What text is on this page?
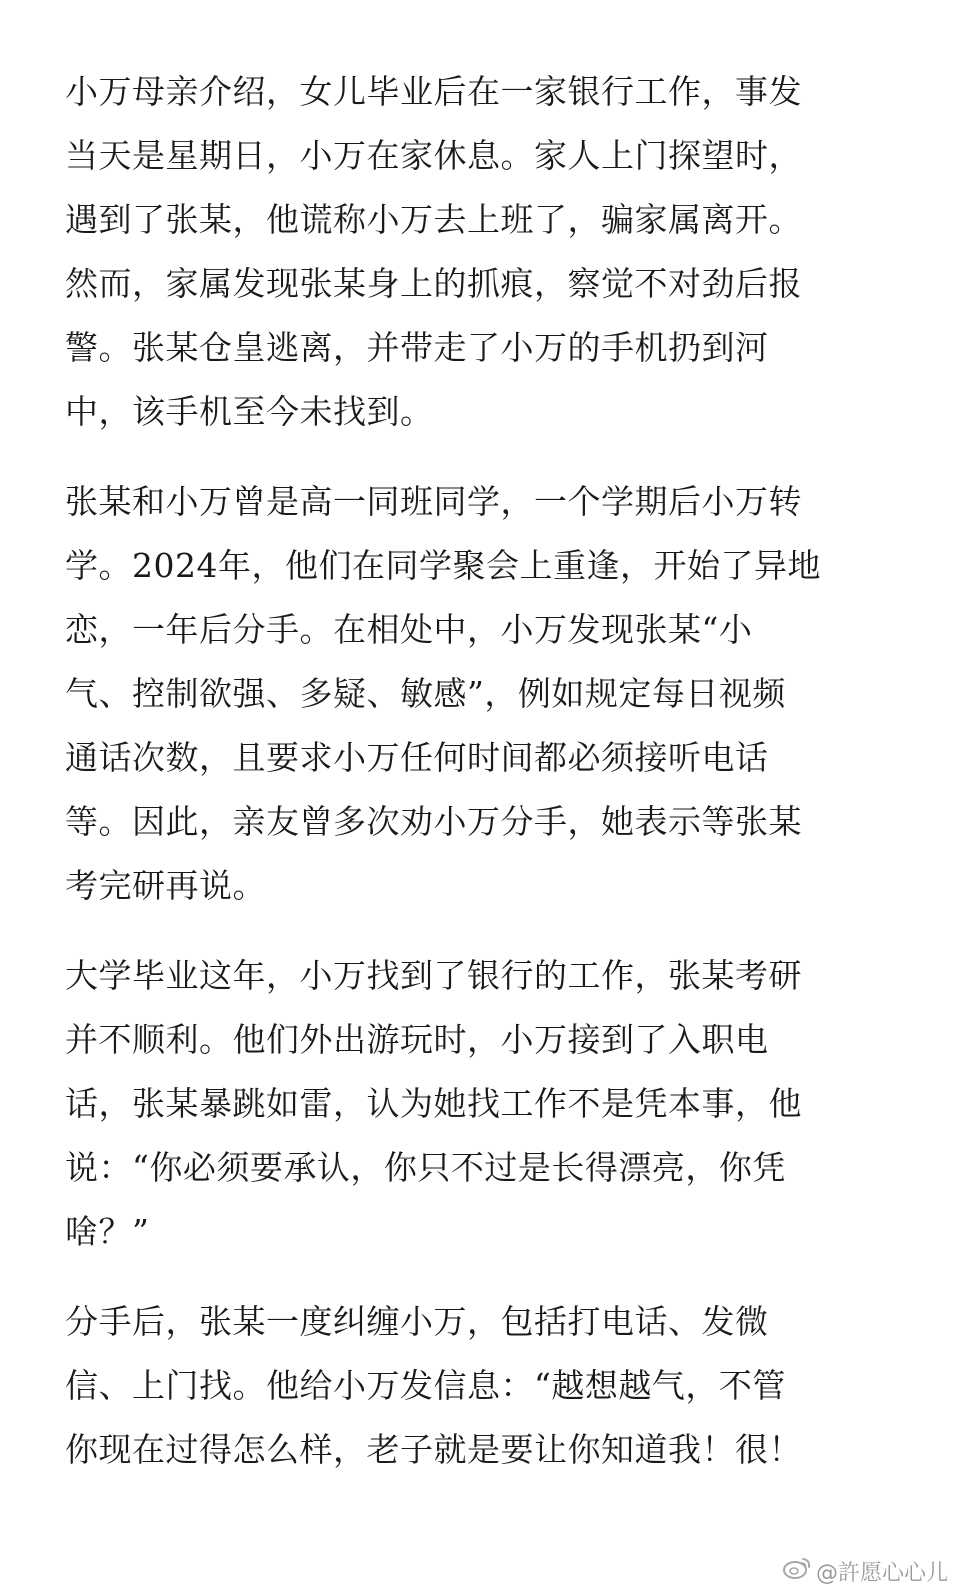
小万母亲介绍，女儿毕业后在一家银行工作，事发
当天是星期日，小万在家休息。家人上门探望时，
遇到了张某，他谎称小万去上班了，骗家属离开。
然而，家属发现张某身上的抓痕，察觉不对劲后报
警。张某仓皇逃离，并带走了小万的手机扔到河
中，该手机至今未找到。

张某和小万曾是高一同班同学，一个学期后小万转
学。2024年，他们在同学聚会上重逢，开始了异地
恋，一年后分手。在相处中，小万发现张某“小
气、控制欲强、多疑、敏感”，例如规定每日视频
通话次数，且要求小万任何时间都必须接听电话
等。因此，亲友曾多次劝小万分手，她表示等张某
考完研再说。

大学毕业这年，小万找到了银行的工作，张某考研
并不顺利。他们外出游玩时，小万接到了入职电
话，张某暴跳如雷，认为她找工作不是凭本事，他
说：“你必须要承认，你只不过是长得漂亮，你凭
啥？”

分手后，张某一度纠缠小万，包括打电话、发微
信、上门找。他给小万发信息：“越想越气，不管
你现在过得怎么样，老子就是要让你知道我！很！

@許愿心心儿
